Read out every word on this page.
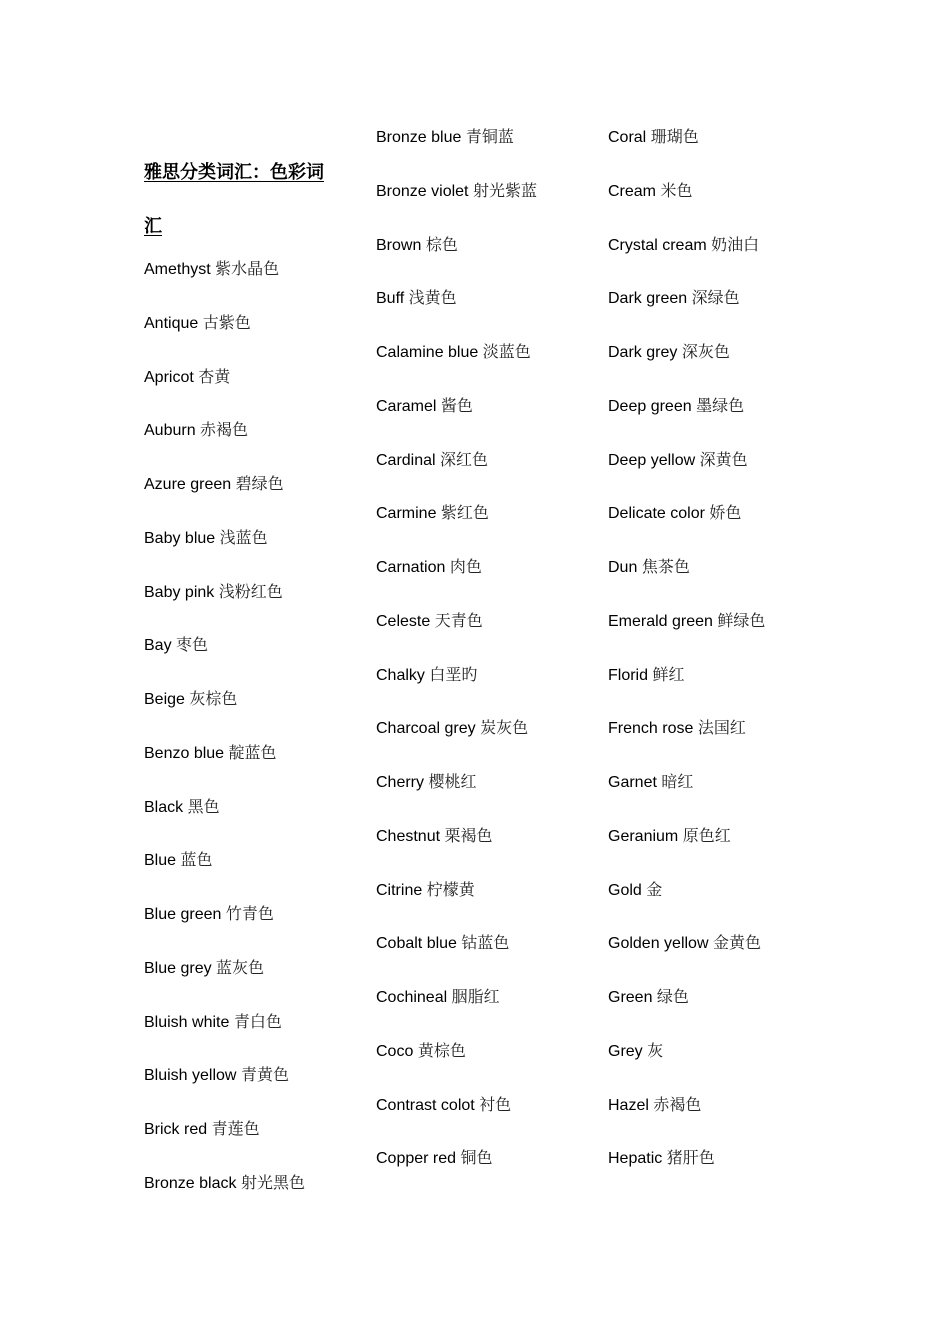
雅思分类词汇：色彩词
汇
Amethyst 紫水晶色
Antique 古紫色
Apricot 杏黄
Auburn 赤褐色
Azure green 碧绿色
Baby blue 浅蓝色
Baby pink 浅粉红色
Bay 枣色
Beige 灰棕色
Benzo blue 靛蓝色
Black 黑色
Blue 蓝色
Blue green 竹青色
Blue grey 蓝灰色
Bluish white 青白色
Bluish yellow 青黄色
Brick red 青莲色
Bronze black 射光黑色
Bronze blue 青铜蓝
Bronze violet 射光紫蓝
Brown 棕色
Buff 浅黄色
Calamine blue 淡蓝色
Caramel 酱色
Cardinal 深红色
Carmine 紫红色
Carnation 肉色
Celeste 天青色
Chalky 白垩旳
Charcoal grey 炭灰色
Cherry 樱桃红
Chestnut 栗褐色
Citrine 柠檬黄
Cobalt blue 钴蓝色
Cochineal 胭脂红
Coco 黄棕色
Contrast colot 衬色
Copper red 铜色
Coral 珊瑚色
Cream 米色
Crystal cream 奶油白
Dark green 深绿色
Dark grey 深灰色
Deep green 墨绿色
Deep yellow 深黄色
Delicate color 娇色
Dun 焦茶色
Emerald green 鲜绿色
Florid 鲜红
French rose 法国红
Garnet 暗红
Geranium 原色红
Gold 金
Golden yellow 金黄色
Green 绿色
Grey 灰
Hazel 赤褐色
Hepatic 猪肝色
